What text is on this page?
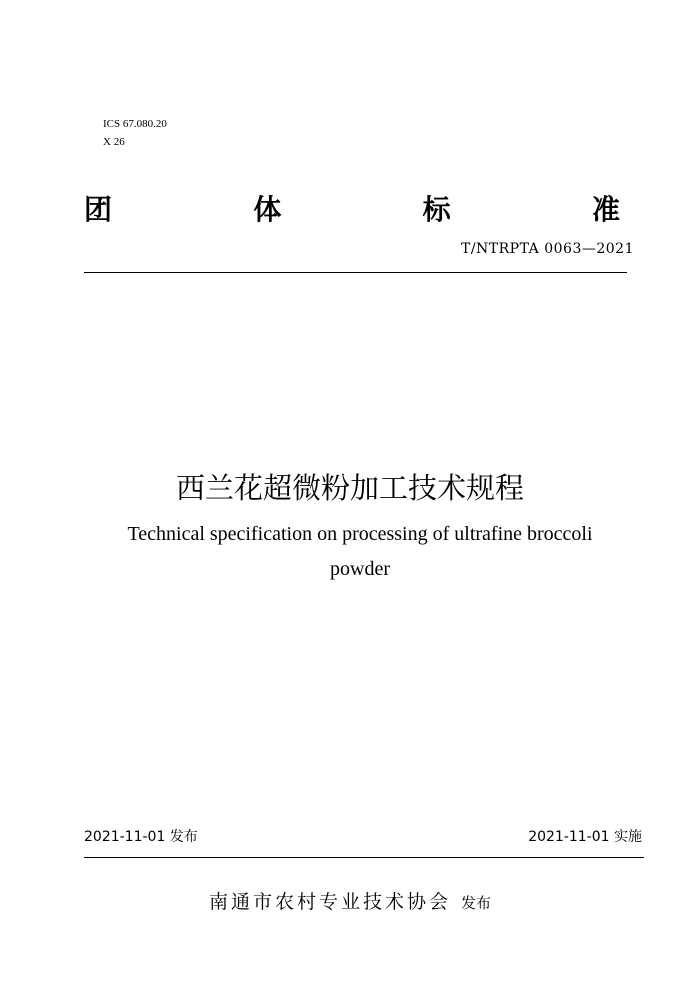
ICS 67.080.20
X 26
团	体	标	准
T/NTRPTA 0063—2021
西兰花超微粉加工技术规程
Technical specification on processing of ultrafine broccoli
powder
2021-11-01 发布	2021-11-01 实施
南通市农村专业技术协会 发布
